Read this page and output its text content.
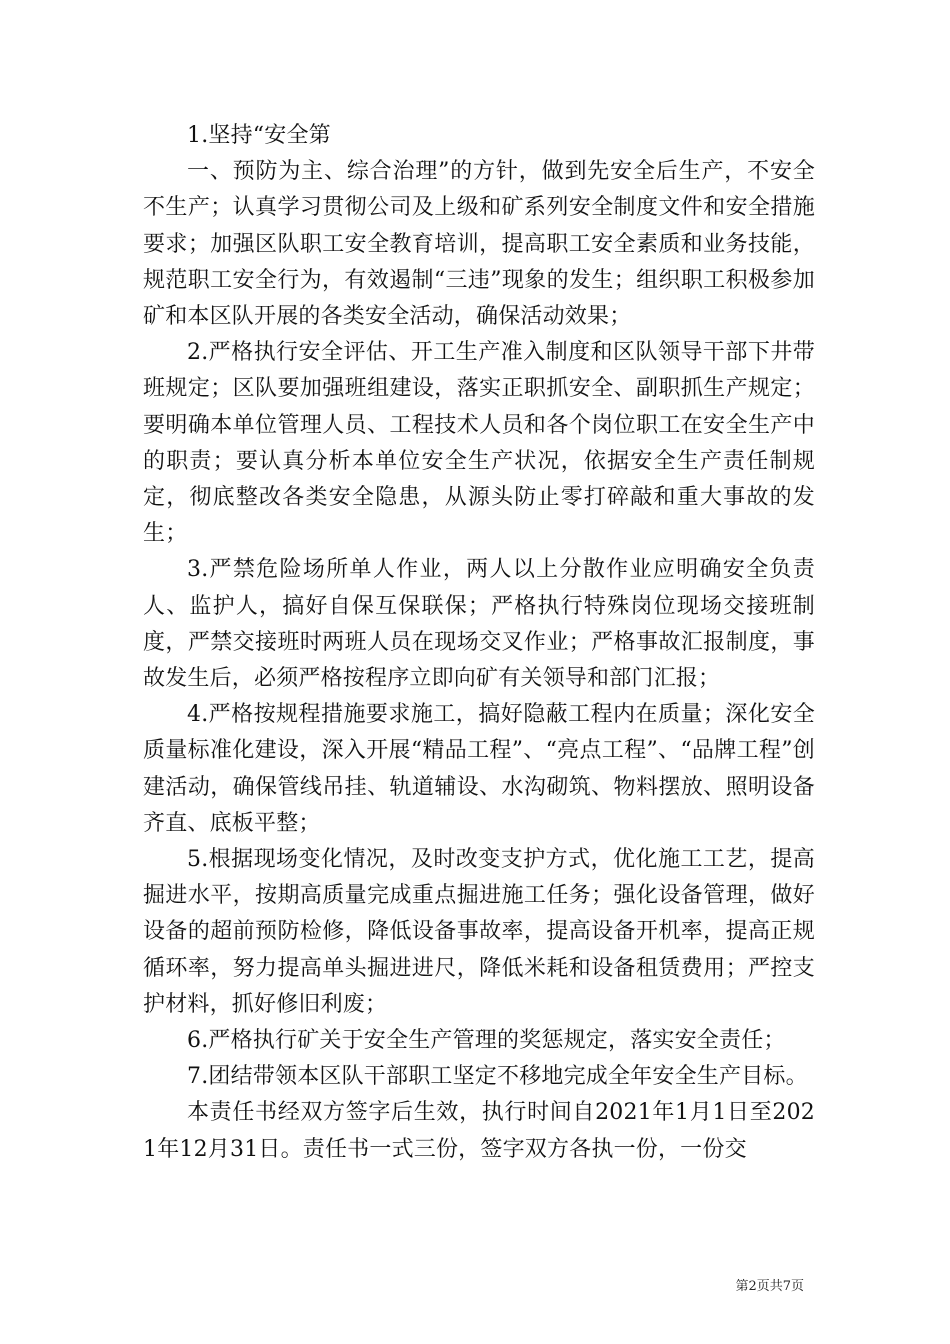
1.坚持“安全第

一、预防为主、综合治理”的方针，做到先安全后生产，不安全不生产；认真学习贯彻公司及上级和矿系列安全制度文件和安全措施要求；加强区队职工安全教育培训，提高职工安全素质和业务技能，规范职工安全行为，有效遏制“三违”现象的发生；组织职工积极参加矿和本区队开展的各类安全活动，确保活动效果；

2.严格执行安全评估、开工生产准入制度和区队领导干部下井带班规定；区队要加强班组建设，落实正职抓安全、副职抓生产规定；要明确本单位管理人员、工程技术人员和各个岗位职工在安全生产中的职责；要认真分析本单位安全生产状况，依据安全生产责任制规定，彻底整改各类安全隐患，从源头防止零打碎敲和重大事故的发生；

3.严禁危险场所单人作业，两人以上分散作业应明确安全负责人、监护人，搞好自保互保联保；严格执行特殊岗位现场交接班制度，严禁交接班时两班人员在现场交叉作业；严格事故汇报制度，事故发生后，必须严格按程序立即向矿有关领导和部门汇报；

4.严格按规程措施要求施工，搞好隐蔽工程内在质量；深化安全质量标准化建设，深入开展“精品工程”、“亮点工程”、“品牌工程”创建活动，确保管线吊挂、轨道辅设、水沟砌筑、物料摆放、照明设备齐直、底板平整；

5.根据现场变化情况，及时改变支护方式，优化施工工艺，提高掘进水平，按期高质量完成重点掘进施工任务；强化设备管理，做好设备的超前预防检修，降低设备事故率，提高设备开机率，提高正规循环率，努力提高单头掘进进尺，降低米耗和设备租赁费用；严控支护材料，抓好修旧利废；

6.严格执行矿关于安全生产管理的奖惩规定，落实安全责任；

7.团结带领本区队干部职工坚定不移地完成全年安全生产目标。

本责任书经双方签字后生效，执行时间自2021年1月1日至2021年12月31日。责任书一式三份，签字双方各执一份，一份交

第2页共7页
